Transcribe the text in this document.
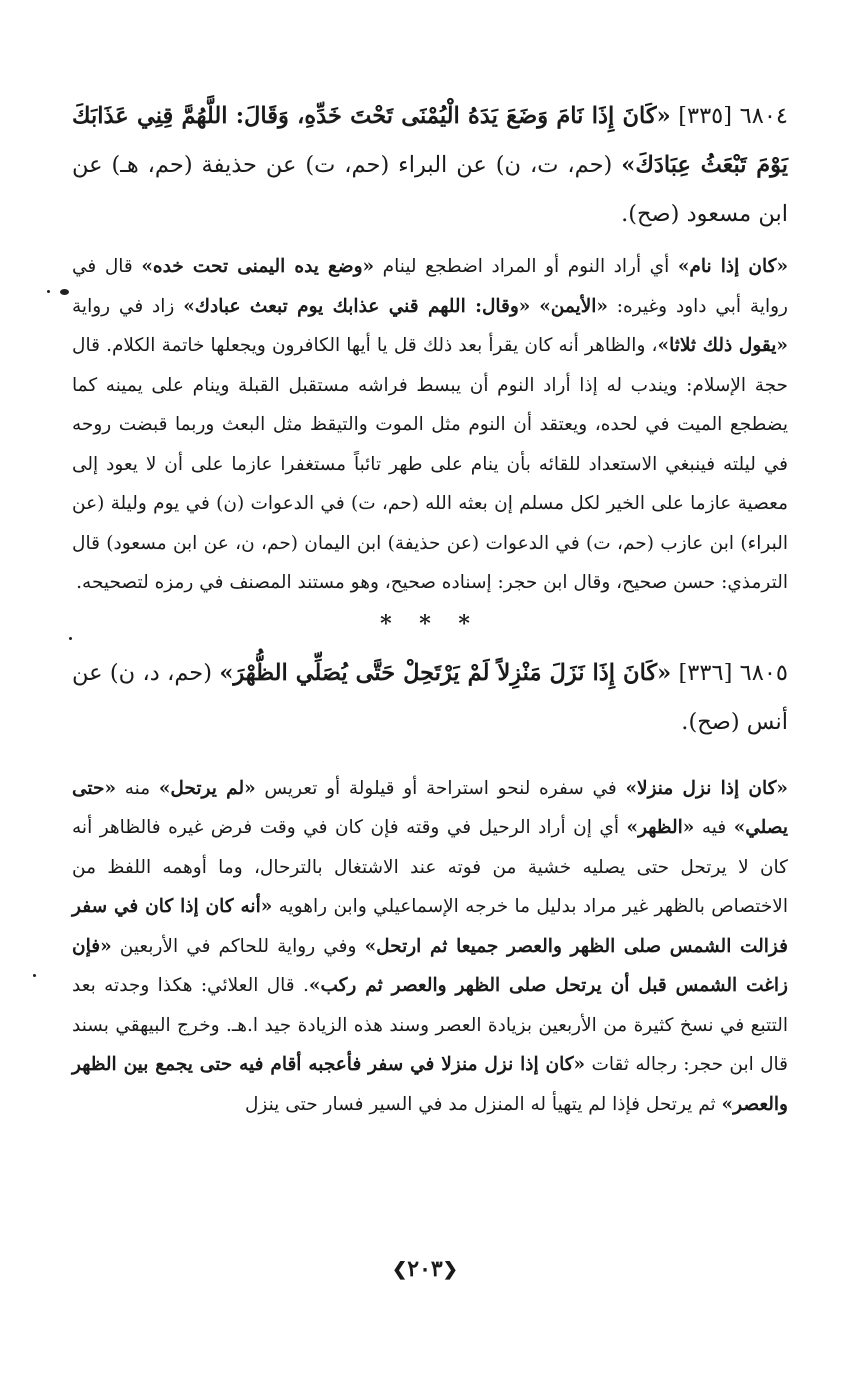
٦٨٠٤ [٣٣٥] «كَانَ إِذَا نَامَ وَضَعَ يَدَهُ الْيُمْنَى تَحْتَ خَدِّهِ، وَقَالَ: اللَّهُمَّ قِنِي عَذَابَكَ يَوْمَ تَبْعَثُ عِبَادَكَ» (حم، ت، ن) عن البراء (حم، ت) عن حذيفة (حم، هـ) عن ابن مسعود (صح).

«كان إذا نام» أي أراد النوم أو المراد اضطجع لينام «وضع يده اليمنى تحت خده» قال في رواية أبي داود وغيره: «الأيمن» «وقال: اللهم قني عذابك يوم تبعث عبادك» زاد في رواية «يقول ذلك ثلاثا»، والظاهر أنه كان يقرأ بعد ذلك قل يا أيها الكافرون ويجعلها خاتمة الكلام. قال حجة الإسلام: ويندب له إذا أراد النوم أن يبسط فراشه مستقبل القبلة وينام على يمينه كما يضطجع الميت في لحده، ويعتقد أن النوم مثل الموت والتيقظ مثل البعث وربما قبضت روحه في ليلته فينبغي الاستعداد للقائه بأن ينام على طهر تائباً مستغفرا عازما على أن لا يعود إلى معصية عازما على الخير لكل مسلم إن بعثه الله (حم، ت) في الدعوات (ن) في يوم وليلة (عن البراء) ابن عازب (حم، ت) في الدعوات (عن حذيفة) ابن اليمان (حم، ن، عن ابن مسعود) قال الترمذي: حسن صحيح، وقال ابن حجر: إسناده صحيح، وهو مستند المصنف في رمزه لتصحيحه.

* * *

٦٨٠٥ [٣٣٦] «كَانَ إِذَا نَزَلَ مَنْزِلاً لَمْ يَرْتَحِلْ حَتَّى يُصَلِّي الظُّهْرَ» (حم، د، ن) عن أنس (صح).

«كان إذا نزل منزلا» في سفره لنحو استراحة أو قيلولة أو تعريس «لم يرتحل» منه «حتى يصلي» فيه «الظهر» أي إن أراد الرحيل في وقته فإن كان في وقت فرض غيره فالظاهر أنه كان لا يرتحل حتى يصليه خشية من فوته عند الاشتغال بالترحال، وما أوهمه اللفظ من الاختصاص بالظهر غير مراد بدليل ما خرجه الإسماعيلي وابن راهويه «أنه كان إذا كان في سفر فزالت الشمس صلى الظهر والعصر جميعا ثم ارتحل» وفي رواية للحاكم في الأربعين «فإن زاغت الشمس قبل أن يرتحل صلى الظهر والعصر ثم ركب». قال العلائي: هكذا وجدته بعد التتبع في نسخ كثيرة من الأربعين بزيادة العصر وسند هذه الزيادة جيد ا.هـ. وخرج البيهقي بسند قال ابن حجر: رجاله ثقات «كان إذا نزل منزلا في سفر فأعجبه أقام فيه حتى يجمع بين الظهر والعصر» ثم يرتحل فإذا لم يتهيأ له المنزل مد في السير فسار حتى ينزل

❮٢٠٣❯
